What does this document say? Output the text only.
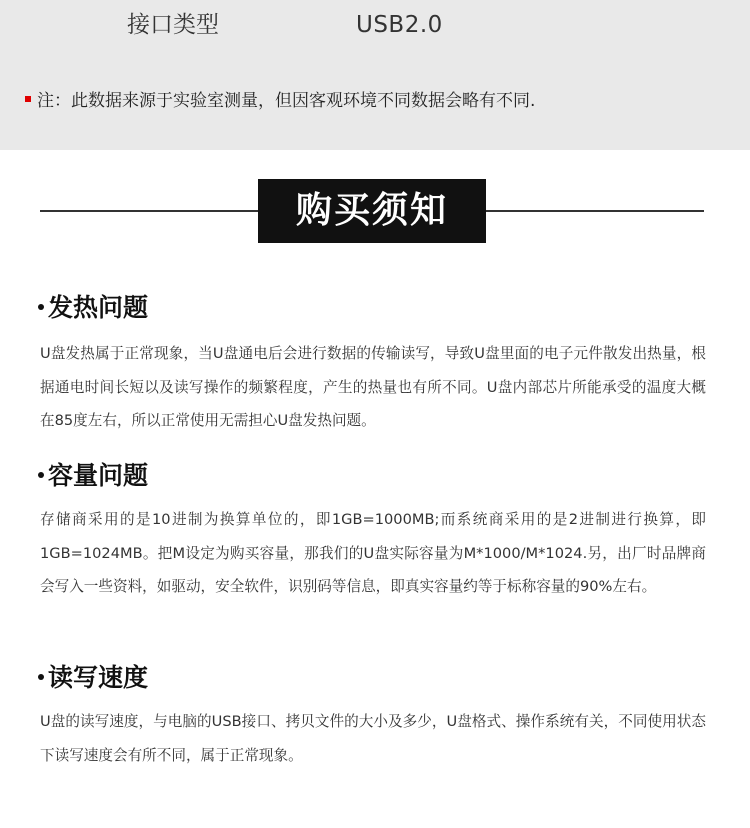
接口类型	USB2.0
注：此数据来源于实验室测量，但因客观环境不同数据会略有不同.
购买须知
发热问题
U盘发热属于正常现象，当U盘通电后会进行数据的传输读写，导致U盘里面的电子元件散发出热量，根据通电时间长短以及读写操作的频繁程度，产生的热量也有所不同。U盘内部芯片所能承受的温度大概在85度左右，所以正常使用无需担心U盘发热问题。
容量问题
存储商采用的是10进制为换算单位的，即1GB=1000MB;而系统商采用的是2进制进行换算，即1GB=1024MB。把M设定为购买容量，那我们的U盘实际容量为M*1000/M*1024.另，出厂时品牌商会写入一些资料，如驱动，安全软件，识别码等信息，即真实容量约等于标称容量的90%左右。
读写速度
U盘的读写速度，与电脑的USB接口、拷贝文件的大小及多少，U盘格式、操作系统有关，不同使用状态下读写速度会有所不同，属于正常现象。
